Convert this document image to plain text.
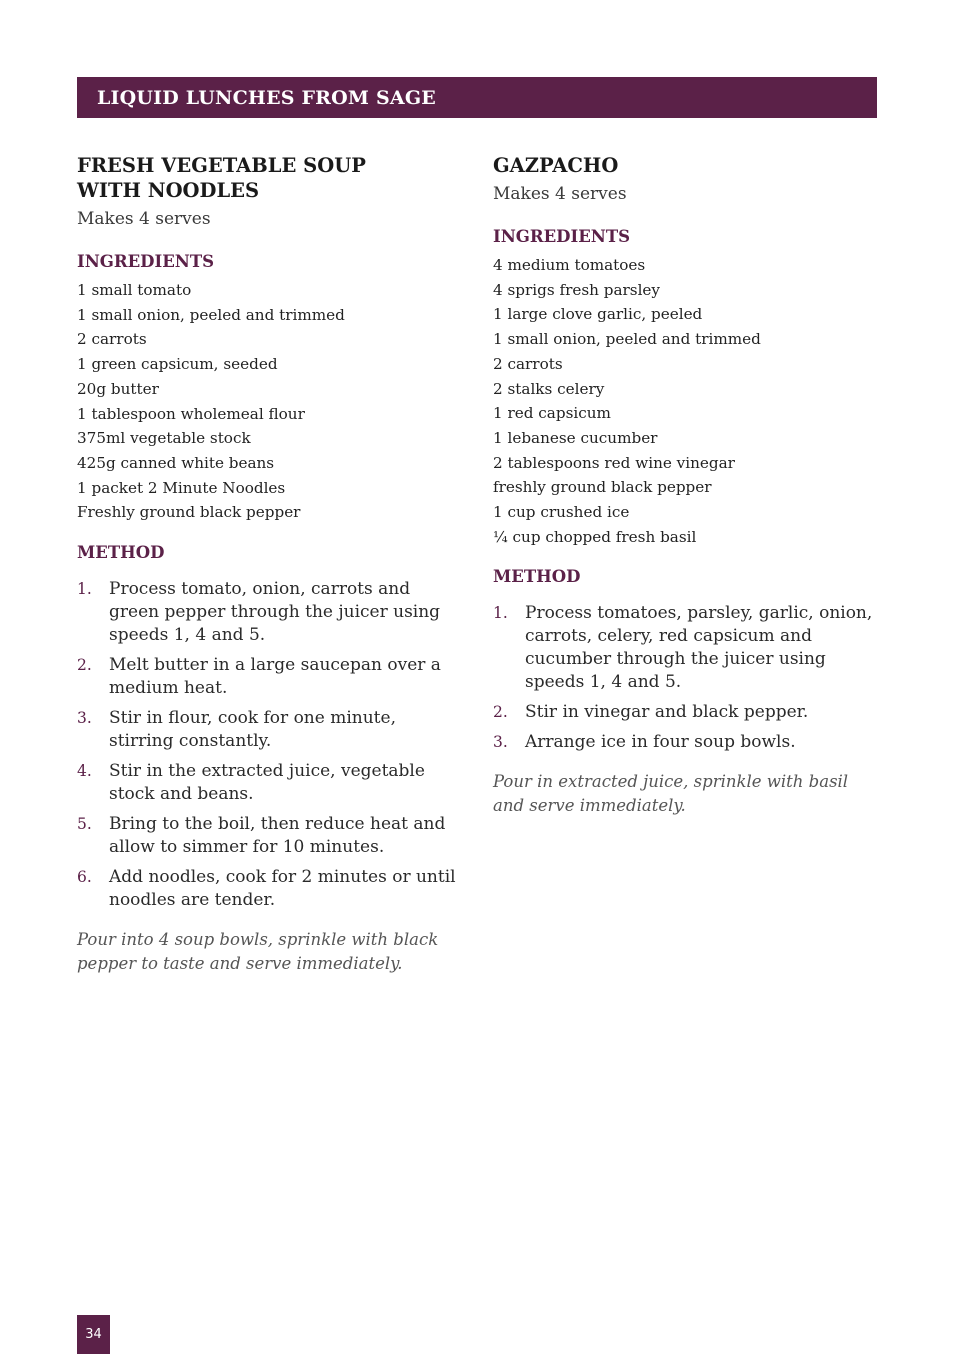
LIQUID LUNCHES FROM SAGE
FRESH VEGETABLE SOUP WITH NOODLES

Makes 4 serves

INGREDIENTS
1 small tomato
1 small onion, peeled and trimmed
2 carrots
1 green capsicum, seeded
20g butter
1 tablespoon wholemeal flour
375ml vegetable stock
425g canned white beans
1 packet 2 Minute Noodles
Freshly ground black pepper
METHOD
1.	Process tomato, onion, carrots and green pepper through the juicer using speeds 1, 4 and 5.
2.	Melt butter in a large saucepan over a medium heat.
3.	Stir in flour, cook for one minute, stirring constantly.
4.	Stir in the extracted juice, vegetable stock and beans.
5.	Bring to the boil, then reduce heat and allow to simmer for 10 minutes.
6.	Add noodles, cook for 2 minutes or until noodles are tender.

Pour into 4 soup bowls, sprinkle with black pepper to taste and serve immediately.

GAZPACHO

Makes 4 serves

INGREDIENTS
4 medium tomatoes
4 sprigs fresh parsley
1 large clove garlic, peeled
1 small onion, peeled and trimmed
2 carrots
2 stalks celery
1 red capsicum
1 lebanese cucumber
2 tablespoons red wine vinegar
freshly ground black pepper
1 cup crushed ice
¼ cup chopped fresh basil
METHOD
1.	Process tomatoes, parsley, garlic, onion, carrots, celery, red capsicum and cucumber through the juicer using speeds 1, 4 and 5.
2.	Stir in vinegar and black pepper.
3.	Arrange ice in four soup bowls.

Pour in extracted juice, sprinkle with basil and serve immediately.

34
